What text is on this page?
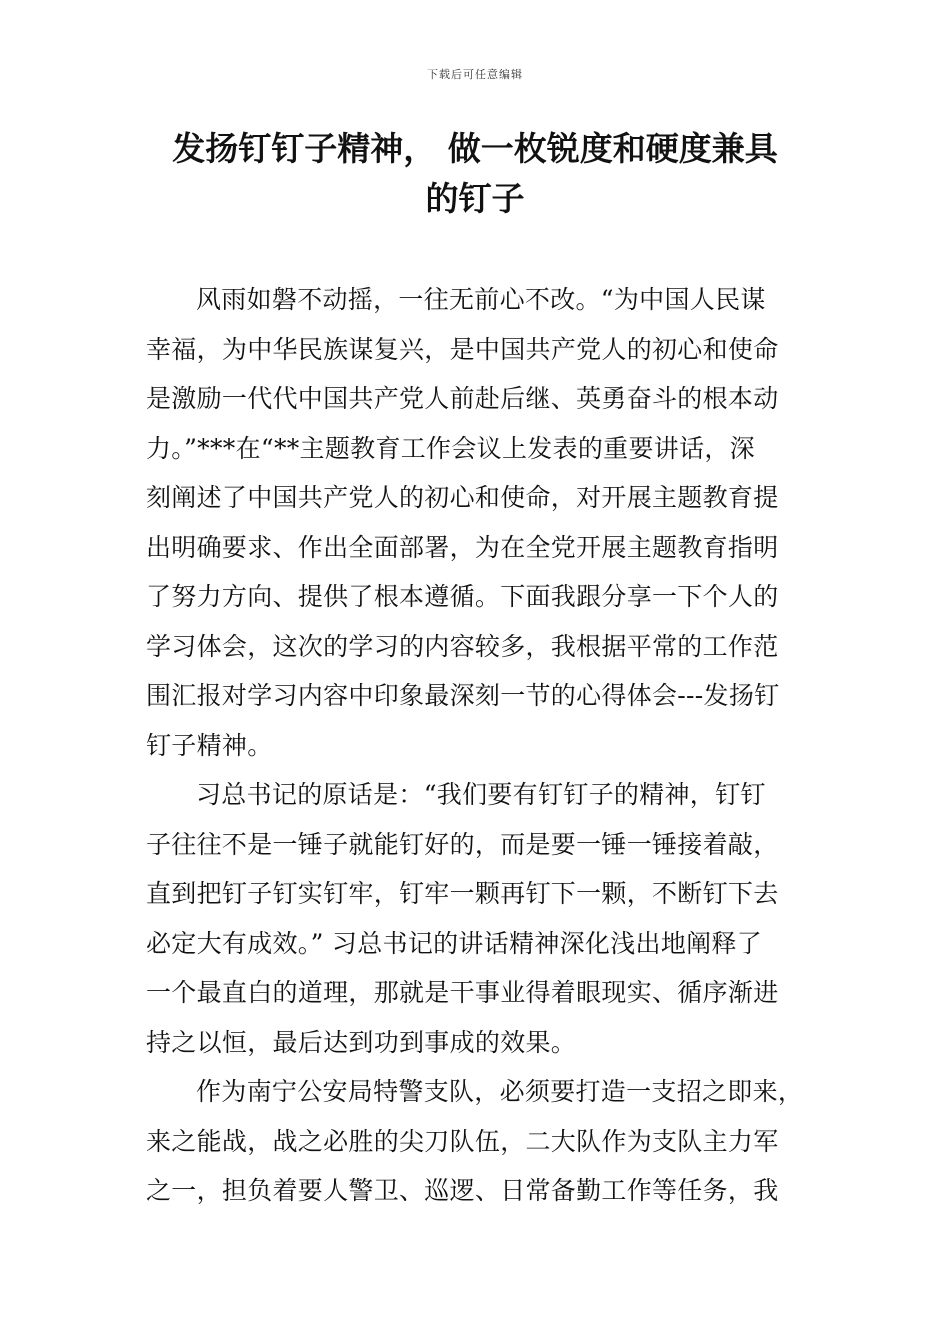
下载后可任意编辑
发扬钉钉子精神， 做一枚锐度和硬度兼具
的钉子
风雨如磐不动摇，一往无前心不改。“为中国人民谋
幸福，为中华民族谋复兴，是中国共产党人的初心和使命
是激励一代代中国共产党人前赴后继、英勇奋斗的根本动
力。”***在“**主题教育工作会议上发表的重要讲话，深
刻阐述了中国共产党人的初心和使命，对开展主题教育提
出明确要求、作出全面部署，为在全党开展主题教育指明
了努力方向、提供了根本遵循。下面我跟分享一下个人的
学习体会，这次的学习的内容较多，我根据平常的工作范
围汇报对学习内容中印象最深刻一节的心得体会---发扬钉
钉子精神。
习总书记的原话是：“我们要有钉钉子的精神，钉钉
子往往不是一锤子就能钉好的，而是要一锤一锤接着敲，
直到把钉子钉实钉牢，钉牢一颗再钉下一颗，不断钉下去
必定大有成效。” 习总书记的讲话精神深化浅出地阐释了
一个最直白的道理，那就是干事业得着眼现实、循序渐进
持之以恒，最后达到功到事成的效果。
作为南宁公安局特警支队，必须要打造一支招之即来，
来之能战，战之必胜的尖刀队伍，二大队作为支队主力军
之一，担负着要人警卫、巡逻、日常备勤工作等任务，我
